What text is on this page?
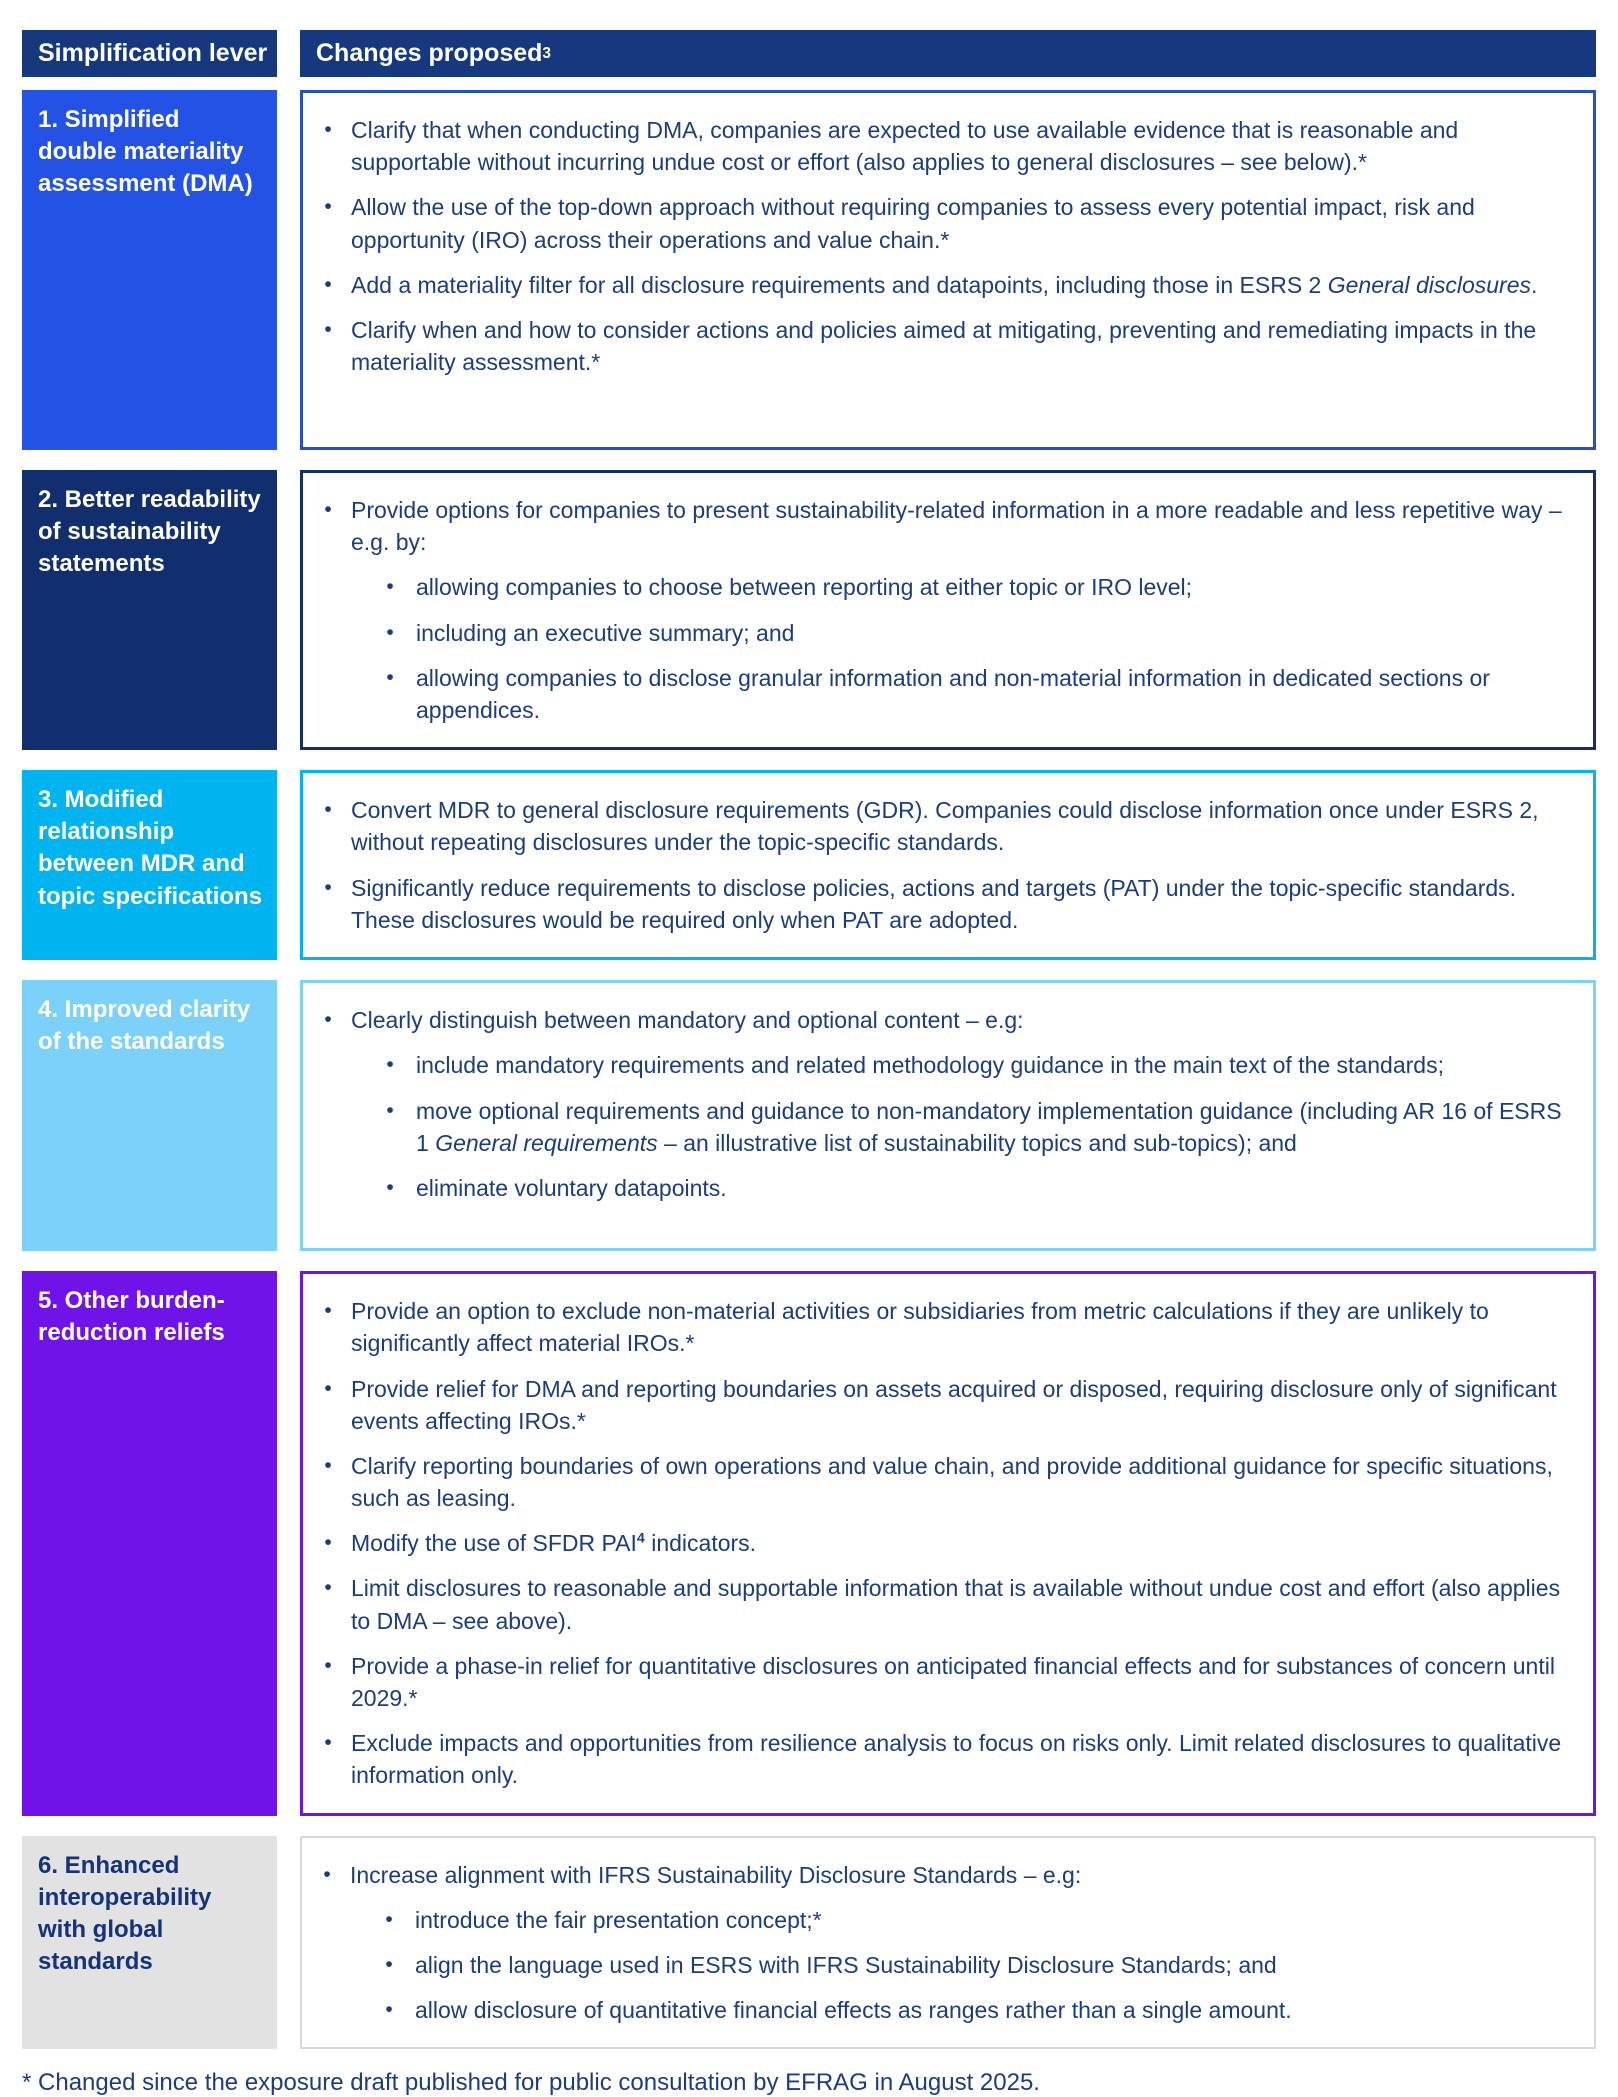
Simplification lever Changes proposed 3
1. Simplified double materiality assessment (DMA)
• Clarify that when conducting DMA, companies are expected to use available evidence that is reasonable and supportable without incurring undue cost or effort (also applies to general disclosures – see below).*
• Allow the use of the top-down approach without requiring companies to assess every potential impact, risk and opportunity (IRO) across their operations and value chain.*
• Add a materiality filter for all disclosure requirements and datapoints, including those in ESRS 2 General disclosures.
• Clarify when and how to consider actions and policies aimed at mitigating, preventing and remediating impacts in the materiality assessment.*
2. Better readability of sustainability statements
• Provide options for companies to present sustainability-related information in a more readable and less repetitive way – e.g. by:
• allowing companies to choose between reporting at either topic or IRO level;
• including an executive summary; and
• allowing companies to disclose granular information and non-material information in dedicated sections or appendices.
3. Modified relationship between MDR and topic specifications
• Convert MDR to general disclosure requirements (GDR). Companies could disclose information once under ESRS 2, without repeating disclosures under the topic-specific standards.
• Significantly reduce requirements to disclose policies, actions and targets (PAT) under the topic-specific standards. These disclosures would be required only when PAT are adopted.
4. Improved clarity of the standards
• Clearly distinguish between mandatory and optional content – e.g:
• include mandatory requirements and related methodology guidance in the main text of the standards;
• move optional requirements and guidance to non-mandatory implementation guidance (including AR 16 of ESRS 1 General requirements – an illustrative list of sustainability topics and sub-topics); and
• eliminate voluntary datapoints.
5. Other burden-reduction reliefs
• Provide an option to exclude non-material activities or subsidiaries from metric calculations if they are unlikely to significantly affect material IROs.*
• Provide relief for DMA and reporting boundaries on assets acquired or disposed, requiring disclosure only of significant events affecting IROs.*
• Clarify reporting boundaries of own operations and value chain, and provide additional guidance for specific situations, such as leasing.
• Modify the use of SFDR PAI$^4$ indicators.
• Limit disclosures to reasonable and supportable information that is available without undue cost and effort (also applies to DMA – see above).
• Provide a phase-in relief for quantitative disclosures on anticipated financial effects and for substances of concern until 2029.*
• Exclude impacts and opportunities from resilience analysis to focus on risks only. Limit related disclosures to qualitative information only.
6. Enhanced interoperability with global standards
• Increase alignment with IFRS Sustainability Disclosure Standards – e.g:
• introduce the fair presentation concept;*
• align the language used in ESRS with IFRS Sustainability Disclosure Standards; and
• allow disclosure of quantitative financial effects as ranges rather than a single amount.
* Changed since the exposure draft published for public consultation by EFRAG in August 2025.
